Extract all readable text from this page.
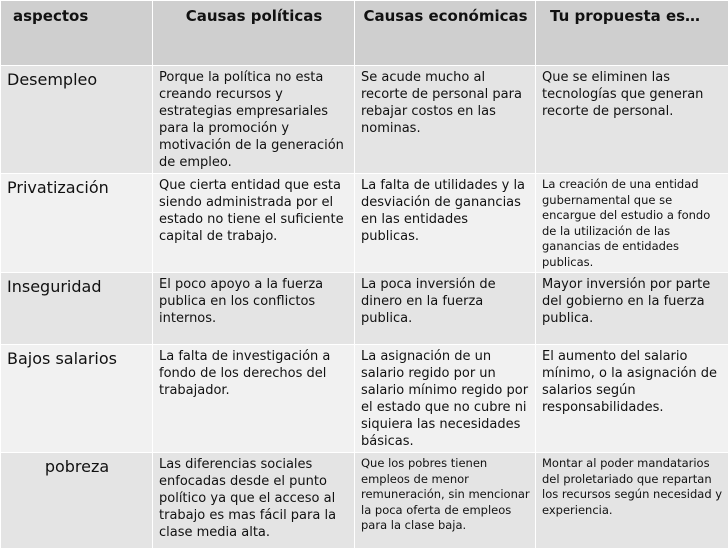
aspectos	Causas políticas	Causas económicas	Tu propuesta es…
Desempleo	Porque la política no esta creando recursos y estrategias empresariales para la promoción y motivación de la generación de empleo.	Se acude mucho al recorte de personal para rebajar costos en las nominas.	Que se eliminen las tecnologías que generan recorte de personal.
Privatización	Que cierta entidad que esta siendo administrada por el estado no tiene el suficiente capital de trabajo.	La falta de utilidades y la desviación de ganancias en las entidades publicas.	La creación de una entidad gubernamental que se encargue del estudio a fondo de la utilización de las ganancias de entidades publicas.
Inseguridad	El poco apoyo a la fuerza publica en los conflictos internos.	La poca inversión de dinero en la fuerza publica.	Mayor inversión por parte del gobierno en la fuerza publica.
Bajos salarios	La falta de investigación a fondo de los derechos del trabajador.	La asignación de un salario regido por un salario mínimo regido por el estado que no cubre ni siquiera las necesidades básicas.	El aumento del salario mínimo, o la asignación de salarios según responsabilidades.
pobreza	Las diferencias sociales enfocadas desde el punto político ya que el acceso al trabajo es mas fácil para la clase media alta.	Que los pobres tienen empleos de menor remuneración, sin mencionar la poca oferta de empleos para la clase baja.	Montar al poder mandatarios del proletariado que repartan los recursos según necesidad y experiencia.
